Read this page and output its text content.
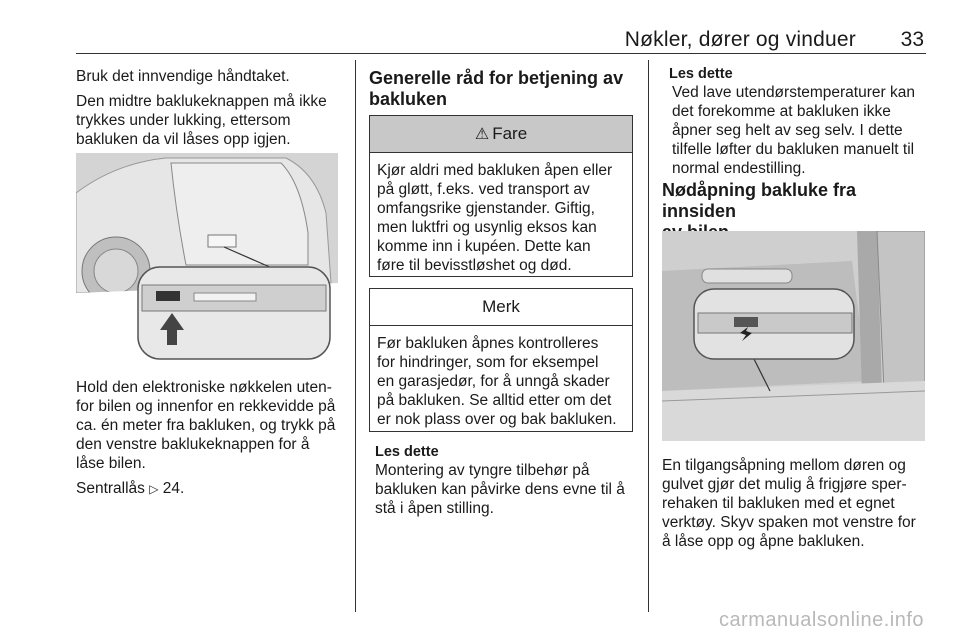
Nøkler, dører og vinduer 33

Bruk det innvendige håndtaket.

Den midtre baklukeknappen må ikke
trykkes under lukking, ettersom
bakluken da vil låses opp igjen.

Hold den elektroniske nøkkelen uten-
for bilen og innenfor en rekkevidde på
ca. én meter fra bakluken, og trykk på
den venstre baklukeknappen for å
låse bilen.

Sentrallås ▷ 24.

Generelle råd for betjening av
bakluken
⚠ Fare
Kjør aldri med bakluken åpen eller
på gløtt, f.eks. ved transport av
omfangsrike gjenstander. Giftig,
men luktfri og usynlig eksos kan
komme inn i kupéen. Dette kan
føre til bevisstløshet og død.
Merk
Før bakluken åpnes kontrolleres
for hindringer, som for eksempel
en garasjedør, for å unngå skader
på bakluken. Se alltid etter om det
er nok plass over og bak bakluken.
Les dette
Montering av tyngre tilbehør på
bakluken kan påvirke dens evne til å
stå i åpen stilling.
Les dette
Ved lave utendørstemperaturer kan
det forekomme at bakluken ikke
åpner seg helt av seg selv. I dette
tilfelle løfter du bakluken manuelt til
normal endestilling.
Nødåpning bakluke fra innsiden

En tilgangsåpning mellom døren og
gulvet gjør det mulig å frigjøre sper-
rehaken til bakluken med et egnet
verktøy. Skyv spaken mot venstre for
å låse opp og åpne bakluken.
carmanualsonline.info
